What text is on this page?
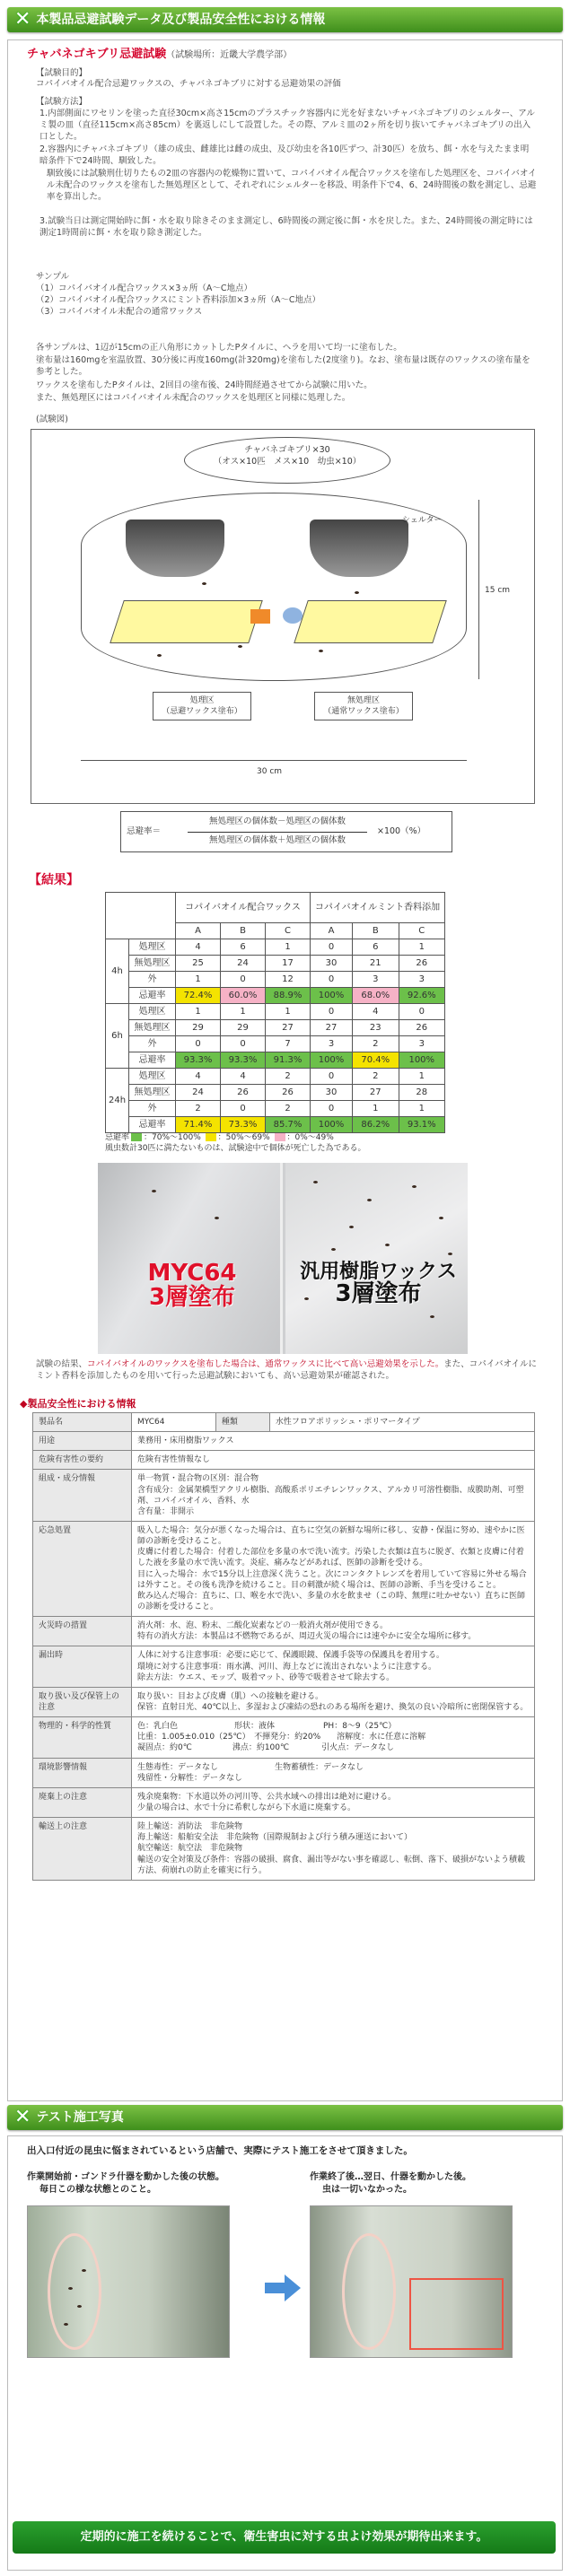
✕ 本製品忌避試験データ及び製品安全性における情報
チャバネゴキブリ忌避試験（試験場所：近畿大学農学部）
【試験目的】
コパイバオイル配合忌避ワックスの、チャバネゴキブリに対する忌避効果の評価
【試験方法】
1.内部側面にワセリンを塗った直径30cm×高さ15cmのプラスチック容器内に光を好まないチャバネゴキブリのシェルター、アルミ製の皿（直径115cm×高さ85cm）を裏返しにして設置した。その際、アルミ皿の2ヶ所を切り抜いてチャバネゴキブリの出入口とした。
2.容器内にチャバネゴキブリ（雄の成虫、雌雄比は雌の成虫、及び幼虫を各10匹ずつ、計30匹）を放ち、餌・水を与えたまま明暗条件下で24時間、馴致した。
馴致後には試験刑仕切りたもの2皿の容器内の乾燥物に置いて、コパイバオイル配合ワックスを塗布した処理区を、コパイバオイル未配合のワックスを塗布した無処理区として、それぞれにシェルターを移設、明条件下で4、6、24時間後の数を測定し、忌避率を算出した。
3.試験当日は測定開始時に餌・水を取り除きそのまま測定し、6時間後の測定後に餌・水を戻した。また、24時間後の測定時には測定1時間前に餌・水を取り除き測定した。
サンプル
（1）コパイバオイル配合ワックス×3ヵ所（A～C地点）
（2）コパイバオイル配合ワックスにミント香料添加×3ヵ所（A～C地点）
（3）コパイバオイル未配合の通常ワックス
各サンプルは、1辺が15cmの正八角形にカットしたPタイルに、ヘラを用いて均一に塗布した。
塗布量は160mgを室温放置、30分後に再度160mg(計320mg)を塗布した(2度塗り)。なお、塗布量は既存のワックスの塗布量を参考とした。
ワックスを塗布したPタイルは、2回目の塗布後、24時間経過させてから試験に用いた。
また、無処理区にはコパイバオイル未配合のワックスを処理区と同様に処理した。
(試験図)
チャバネゴキブリ×30
（オス×10匹　メス×10　幼虫×10）
シェルター
15 cm
30 cm
処理区
（忌避ワックス塗布）
無処理区
（通常ワックス塗布）
忌避率＝
無処理区の個体数－処理区の個体数
無処理区の個体数＋処理区の個体数
×100（%）
【結果】
		コパイバオイル配合ワックス			コパイバオイルミント香料添加		
		A	B	C	A	B	C
4h	処理区	4	6	1	0	6	1
	無処理区	25	24	17	30	21	26
	外	1	0	12	0	3	3
	忌避率	72.4%	60.0%	88.9%	100%	68.0%	92.6%
6h	処理区	1	1	1	0	4	0
	無処理区	29	29	27	27	23	26
	外	0	0	7	3	2	3
	忌避率	93.3%	93.3%	91.3%	100%	70.4%	100%
24h	処理区	4	4	2	0	2	1
	無処理区	24	26	26	30	27	28
	外	2	0	2	0	1	1
	忌避率	71.4%	73.3%	85.7%	100%	86.2%	93.1%
忌避率 ：70%～100% ：50%～69% ：0%～49%
風虫数計30匹に満たないものは、試験途中で個体が死亡した為である。
MYC64
3層塗布
汎用樹脂ワックス
3層塗布
試験の結果、コパイバオイルのワックスを塗布した場合は、通常ワックスに比べて高い忌避効果を示した。また、コパイバオイルにミント香料を添加したものを用いて行った忌避試験においても、高い忌避効果が確認された。
◆製品安全性における情報
製品名	MYC64	種類	水性フロアポリッシュ・ポリマータイプ
用途	業務用・床用樹脂ワックス		
危険有害性の要約	危険有害性情報なし		
組成・成分情報	単一物質・混合物の区別：混合物
含有成分：金属架橋型アクリル樹脂、高酸系ポリエチレンワックス、アルカリ可溶性樹脂、成膜助剤、可塑剤、コパイバオイル、香料、水
含有量：非開示		
応急処置	吸入した場合：気分が悪くなった場合は、直ちに空気の新鮮な場所に移し、安静・保温に努め、速やかに医師の診断を受けること。
皮膚に付着した場合：付着した部位を多量の水で洗い流す。汚染した衣類は直ちに脱ぎ、衣類と皮膚に付着した液を多量の水で洗い流す。炎症、痛みなどがあれば、医師の診断を受ける。
目に入った場合：水で15分以上注意深く洗うこと。次にコンタクトレンズを着用していて容易に外せる場合は外すこと。その後も洗浄を続けること。目の刺激が続く場合は、医師の診断、手当を受けること。
飲み込んだ場合：直ちに、口、喉を水で洗い、多量の水を飲ませ（この時、無理に吐かせない）直ちに医師の診断を受けること。		
火災時の措置	消火剤：水、泡、粉末、二酸化炭素などの一般消火剤が使用できる。
特有の消火方法：本製品は不燃物であるが、周辺火災の場合には速やかに安全な場所に移す。		
漏出時	人体に対する注意事項：必要に応じて、保護眼鏡、保護手袋等の保護具を着用する。
環境に対する注意事項：雨水溝、河川、海上などに流出されないように注意する。
除去方法：ウエス、モップ、吸着マット、砂等で吸着させて除去する。		
取り扱い及び保管上の注意	取り扱い：目および皮膚（肌）への接触を避ける。
保管：直射日光、40℃以上、多湿および凍結の恐れのある場所を避け、換気の良い冷暗所に密閉保管する。		
物理的・科学的性質	色：乳白色　　　　　　　形状：液体　　　　　　PH：8～9（25℃）
比重：1.005±0.010（25℃）　不揮発分：約20%　　溶解度：水に任意に溶解
凝固点：約0℃　　　　　沸点：約100℃　　　　引火点：データなし		
環境影響情報	生態毒性：データなし　　　　　　　生物蓄積性：データなし
残留性・分解性：データなし		
廃棄上の注意	残余廃棄物：下水道以外の河川等、公共水域への排出は絶対に避ける。
少量の場合は、水で十分に希釈しながら下水道に廃棄する。		
輸送上の注意	陸上輸送：消防法　非危険物
海上輸送：船舶安全法　非危険物（国際規制および行う積み運送において）
航空輸送：航空法　非危険物
輸送の安全対策及び条件：容器の破損、腐食、漏出等がない事を確認し、転倒、落下、破損がないよう積載方法、荷崩れの防止を確実に行う。		
✕ テスト施工写真
出入口付近の昆虫に悩まされているという店舗で、実際にテスト施工をさせて頂きました。
作業開始前・ゴンドラ什器を動かした後の状態。
毎日この様な状態とのこと。
作業終了後…翌日、什器を動かした後。
虫は一切いなかった。
定期的に施工を続けることで、衛生害虫に対する虫よけ効果が期待出来ます。
